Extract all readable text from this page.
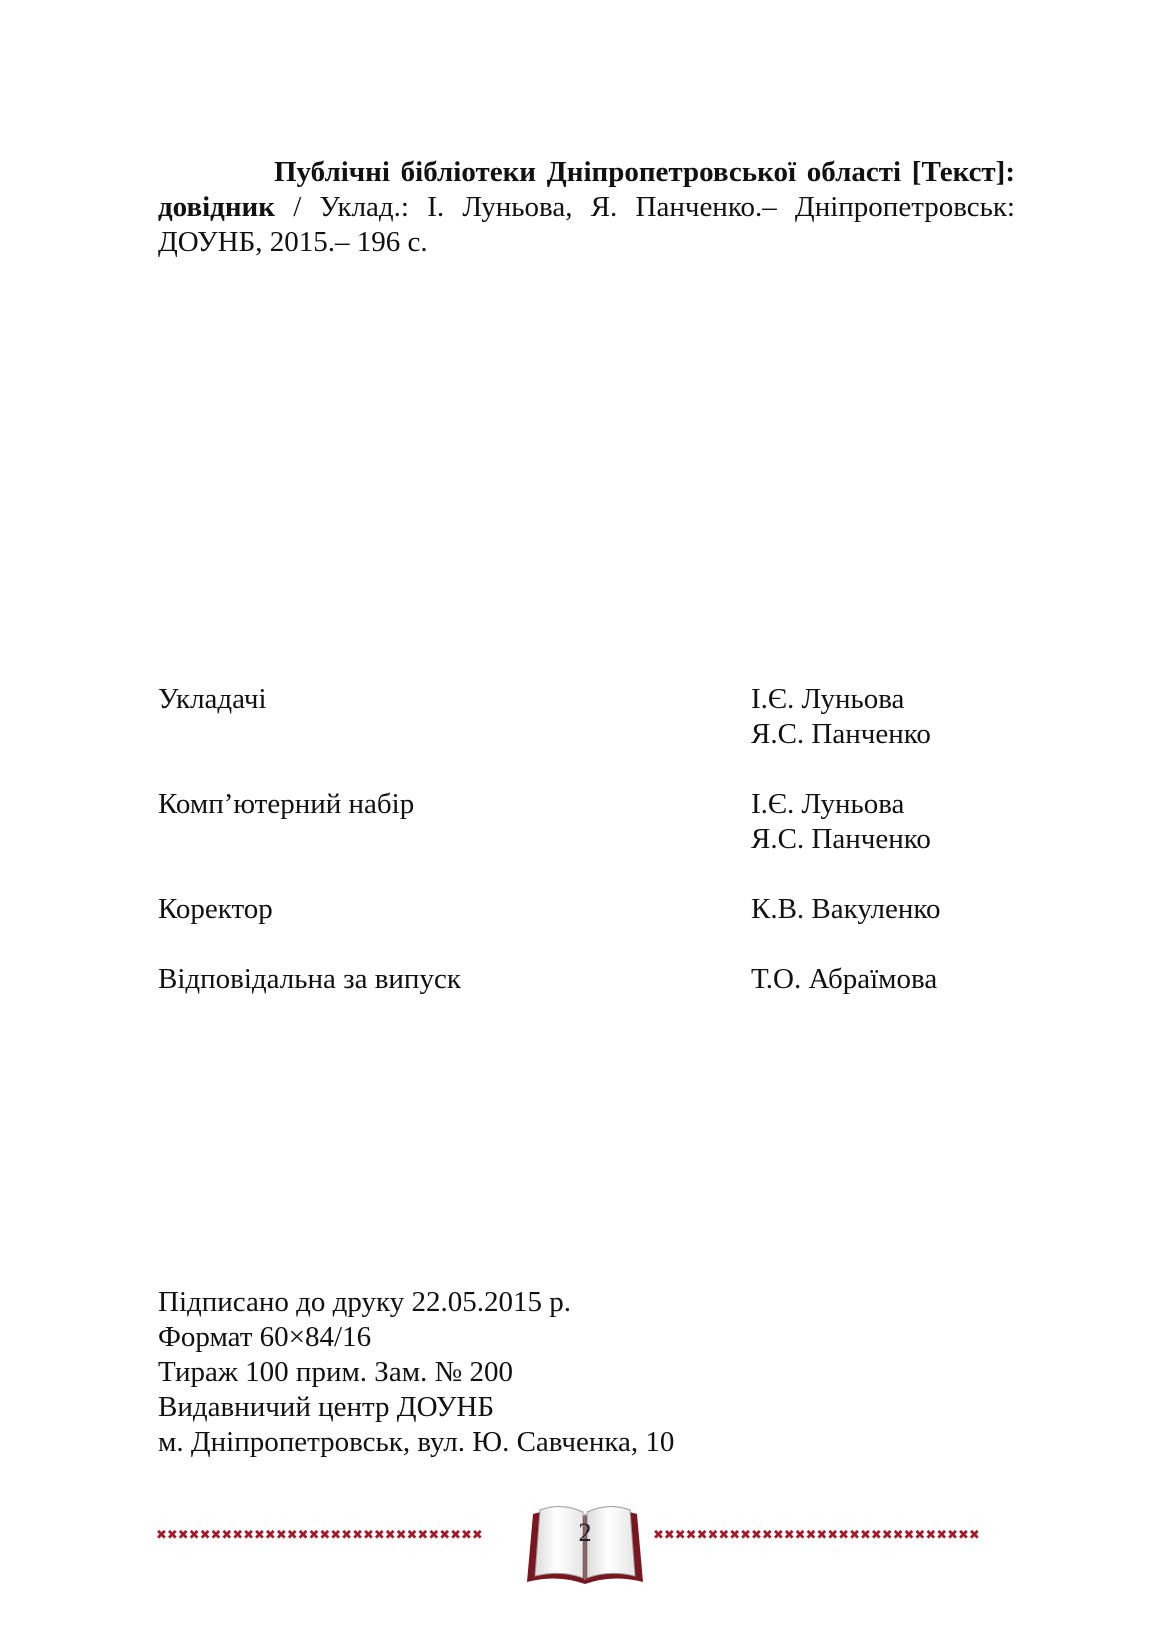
Публічні бібліотеки Дніпропетровської області [Текст]: довідник / Уклад.: І. Луньова, Я. Панченко.– Дніпропетровськ: ДОУНБ, 2015.– 196 с.
Укладачі	І.Є. Луньова
Я.С. Панченко
Комп’ютерний набір	І.Є. Луньова
Я.С. Панченко
Коректор	К.В. Вакуленко
Відповідальна за випуск	Т.О. Абраїмова
Підписано до друку 22.05.2015 р.
Формат 60×84/16
Тираж 100 прим. Зам. № 200
Видавничий центр ДОУНБ
м. Дніпропетровськ, вул. Ю. Савченка, 10
✖✖✖✖✖✖✖✖✖✖✖✖✖✖✖✖✖✖✖✖✖✖✖✖✖✖✖✖✖✖	2	✖✖✖✖✖✖✖✖✖✖✖✖✖✖✖✖✖✖✖✖✖✖✖✖✖✖✖✖✖✖
